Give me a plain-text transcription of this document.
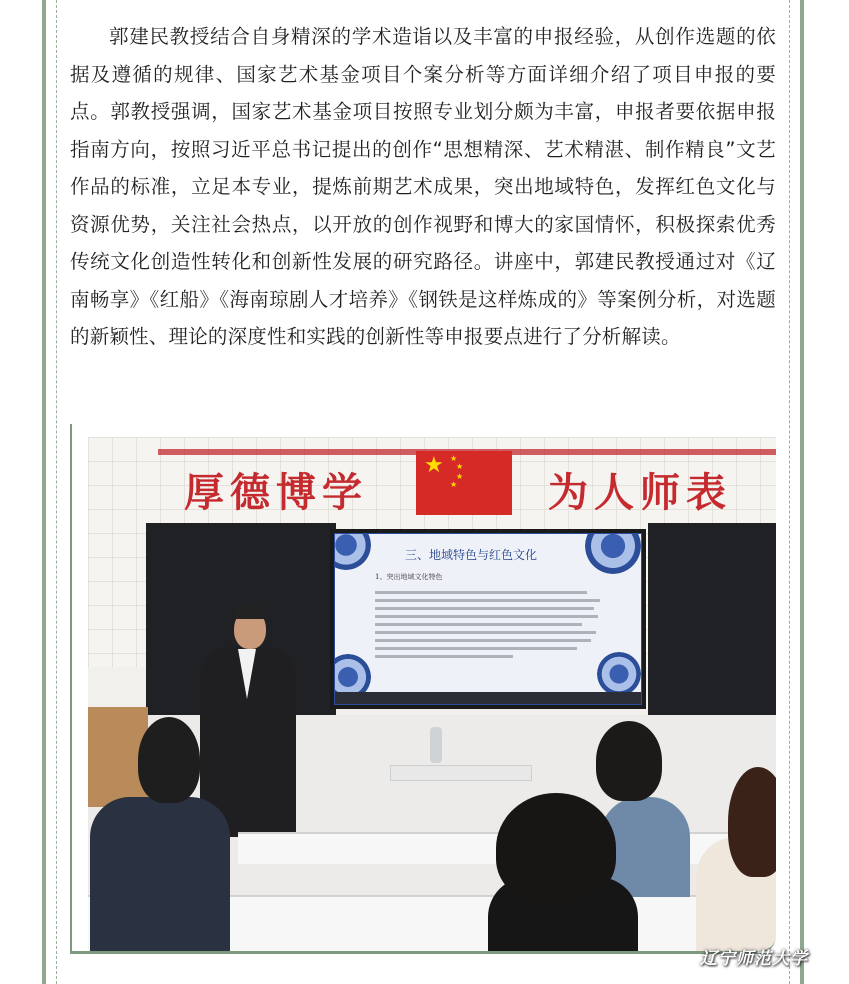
郭建民教授结合自身精深的学术造诣以及丰富的申报经验，从创作选题的依据及遵循的规律、国家艺术基金项目个案分析等方面详细介绍了项目申报的要点。郭教授强调，国家艺术基金项目按照专业划分颇为丰富，申报者要依据申报指南方向，按照习近平总书记提出的创作“思想精深、艺术精湛、制作精良”文艺作品的标准，立足本专业，提炼前期艺术成果，突出地域特色，发挥红色文化与资源优势，关注社会热点，以开放的创作视野和博大的家国情怀，积极探索优秀传统文化创造性转化和创新性发展的研究路径。讲座中，郭建民教授通过对《辽南畅享》《红船》《海南琼剧人才培养》《钢铁是这样炼成的》等案例分析，对选题的新颖性、理论的深度性和实践的创新性等申报要点进行了分析解读。

厚德博学
★ ★
★
★
★ 为人师表
三、地域特色与红色文化
1、突出地域文化特色
辽宁师范大学
